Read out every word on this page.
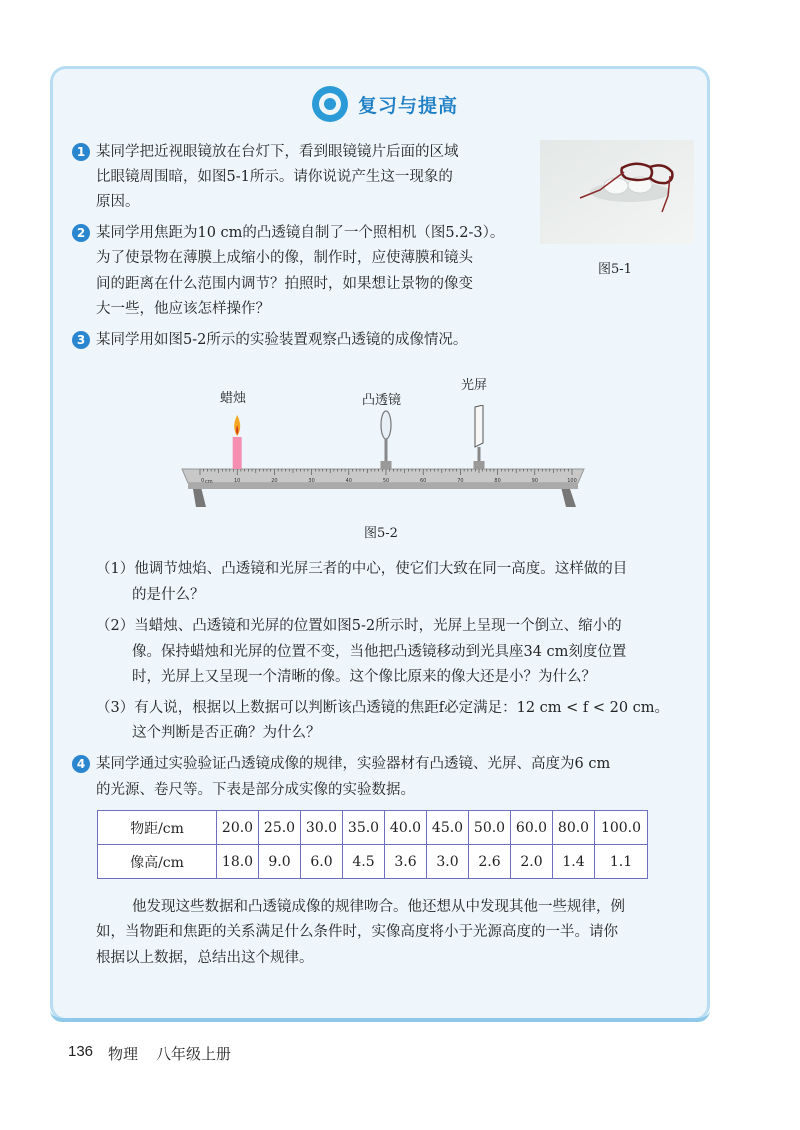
复习与提高
1 某同学把近视眼镜放在台灯下，看到眼镜镜片后面的区域
比眼镜周围暗，如图5-1所示。请你说说产生这一现象的
原因。
图5-1
2 某同学用焦距为10 cm的凸透镜自制了一个照相机（图5.2-3）。
为了使景物在薄膜上成缩小的像，制作时，应使薄膜和镜头
间的距离在什么范围内调节？拍照时，如果想让景物的像变
大一些，他应该怎样操作？
3 某同学用如图5-2所示的实验装置观察凸透镜的成像情况。
蜡烛	凸透镜
光屏
0	10	20	30	40	50	60	70	80	90	100
cm
图5-2
（1）他调节烛焰、凸透镜和光屏三者的中心，使它们大致在同一高度。这样做的目
的是什么？
（2）当蜡烛、凸透镜和光屏的位置如图5-2所示时，光屏上呈现一个倒立、缩小的
像。保持蜡烛和光屏的位置不变，当他把凸透镜移动到光具座34 cm刻度位置
时，光屏上又呈现一个清晰的像。这个像比原来的像大还是小？为什么？
（3）有人说，根据以上数据可以判断该凸透镜的焦距f必定满足：12 cm < f < 20 cm。
这个判断是否正确？为什么？
4 某同学通过实验验证凸透镜成像的规律，实验器材有凸透镜、光屏、高度为6 cm
的光源、卷尺等。下表是部分成实像的实验数据。
物距/cm	20.0	25.0	30.0	35.0	40.0	45.0	50.0	60.0	80.0	100.0
像高/cm	18.0	9.0	6.0	4.5	3.6	3.0	2.6	2.0	1.4	1.1
他发现这些数据和凸透镜成像的规律吻合。他还想从中发现其他一些规律，例
如，当物距和焦距的关系满足什么条件时，实像高度将小于光源高度的一半。请你
根据以上数据，总结出这个规律。
136 物理 八年级上册
